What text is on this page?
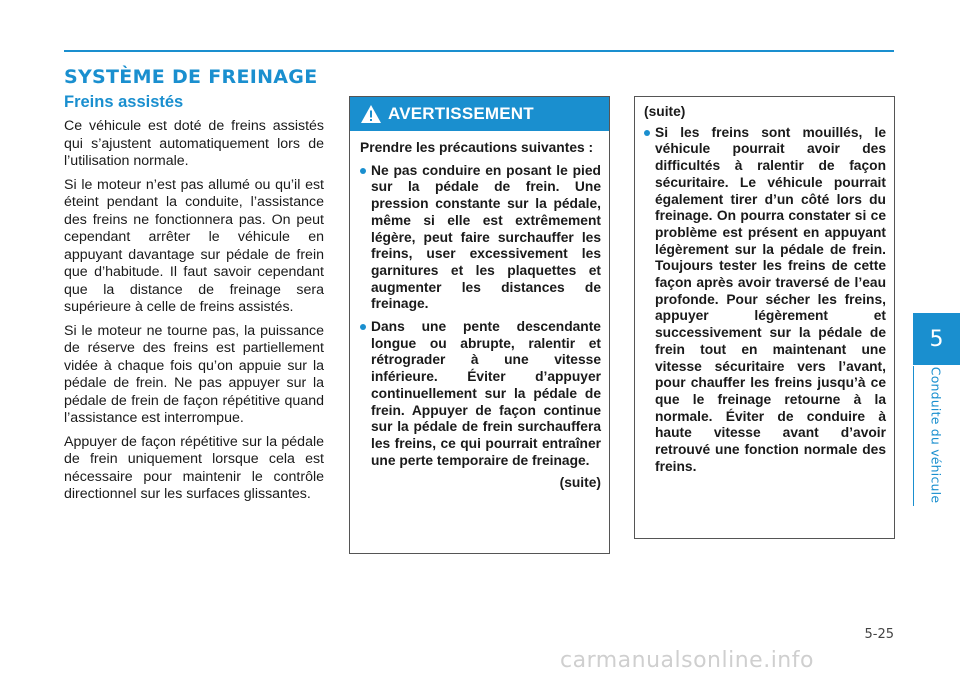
SYSTÈME DE FREINAGE
Freins assistés

Ce véhicule est doté de freins assistés qui s’ajustent automatiquement lors de l’utilisation normale.

Si le moteur n’est pas allumé ou qu’il est éteint pendant la conduite, l’assistance des freins ne fonctionnera pas. On peut cependant arrêter le véhicule en appuyant davantage sur pédale de frein que d’habitude. Il faut savoir cependant que la distance de freinage sera supérieure à celle de freins assistés.

Si le moteur ne tourne pas, la puissance de réserve des freins est partiellement vidée à chaque fois qu’on appuie sur la pédale de frein. Ne pas appuyer sur la pédale de frein de façon répétitive quand l’assistance est interrompue.

Appuyer de façon répétitive sur la pédale de frein uniquement lorsque cela est nécessaire pour maintenir le contrôle directionnel sur les surfaces glissantes.

AVERTISSEMENT

Prendre les précautions suivantes :

Ne pas conduire en posant le pied sur la pédale de frein. Une pression constante sur la pédale, même si elle est extrêmement légère, peut faire surchauffer les freins, user excessivement les garnitures et les plaquettes et augmenter les distances de freinage.
Dans une pente descendante longue ou abrupte, ralentir et rétrograder à une vitesse inférieure. Éviter d’appuyer continuellement sur la pédale de frein. Appuyer de façon continue sur la pédale de frein surchauffera les freins, ce qui pourrait entraîner une perte temporaire de freinage.

(suite)

(suite)

Si les freins sont mouillés, le véhicule pourrait avoir des difficultés à ralentir de façon sécuritaire. Le véhicule pourrait également tirer d’un côté lors du freinage. On pourra constater si ce problème est présent en appuyant légèrement sur la pédale de frein. Toujours tester les freins de cette façon après avoir traversé de l’eau profonde. Pour sécher les freins, appuyer légèrement et successivement sur la pédale de frein tout en maintenant une vitesse sécuritaire vers l’avant, pour chauffer les freins jusqu’à ce que le freinage retourne à la normale. Éviter de conduire à haute vitesse avant d’avoir retrouvé une fonction normale des freins.
5
Conduite du véhicule
5-25
carmanualsonline.info
